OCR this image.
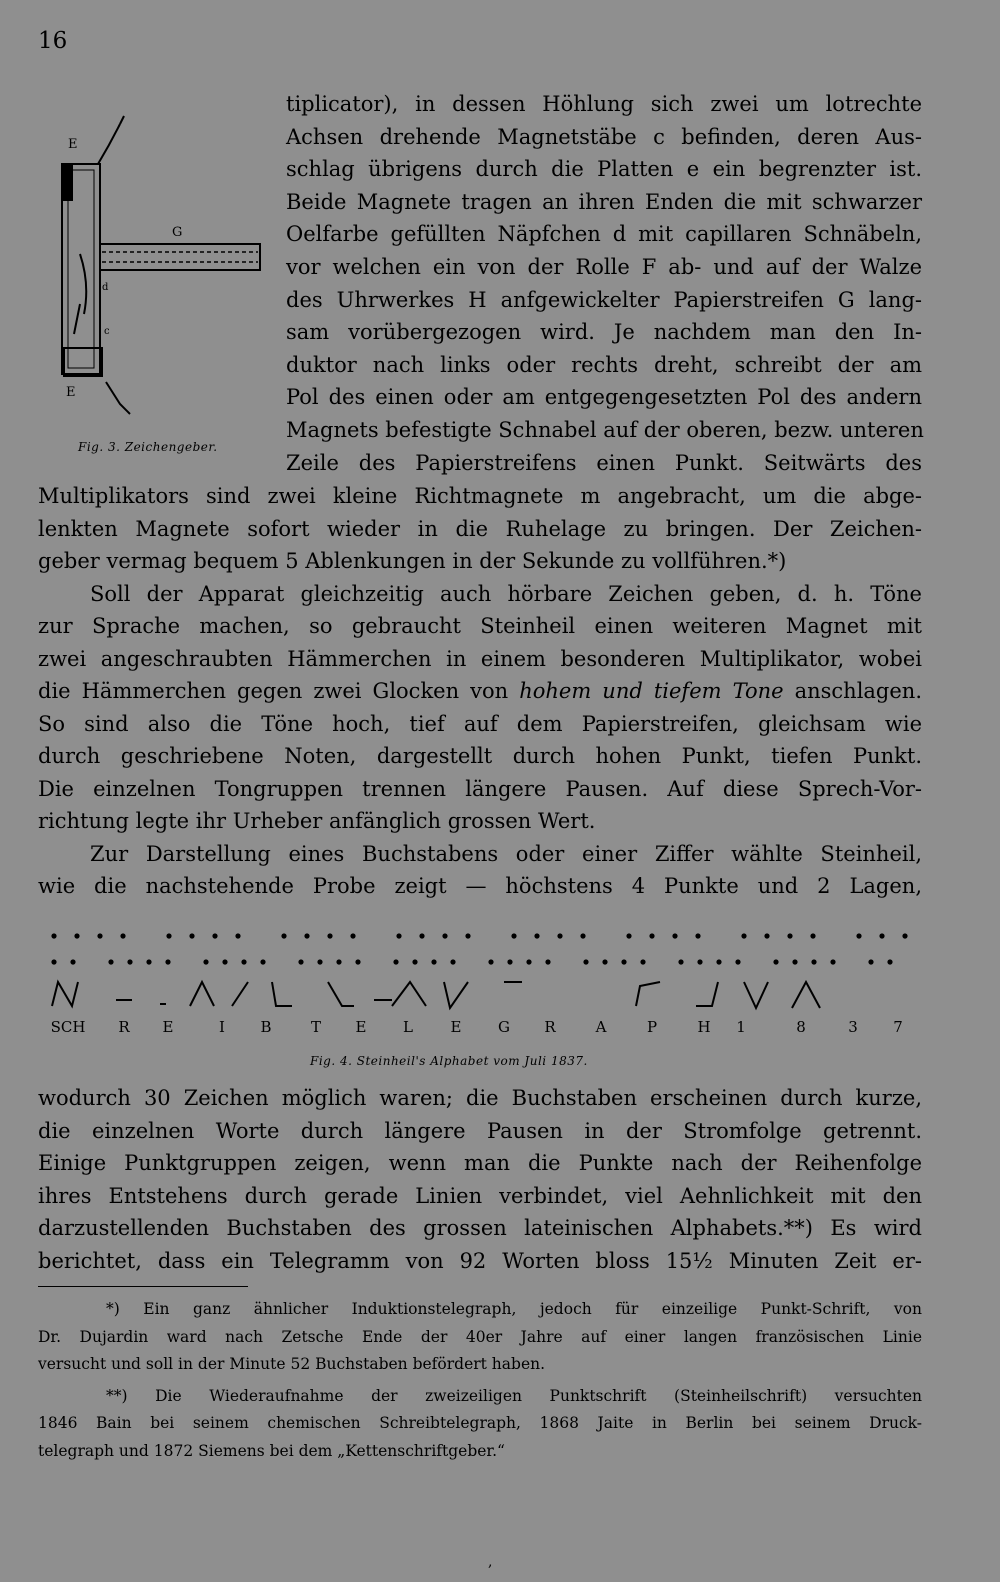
16
E
G
E
c
d
Fig. 3. Zeichengeber.
tiplicator), in dessen Höhlung sich zwei um lotrechte
Achsen drehende Magnetstäbe c befinden, deren Aus-
schlag übrigens durch die Platten e ein begrenzter ist.
Beide Magnete tragen an ihren Enden die mit schwarzer
Oelfarbe gefüllten Näpfchen d mit capillaren Schnäbeln,
vor welchen ein von der Rolle F ab- und auf der Walze
des Uhrwerkes H anfgewickelter Papierstreifen G lang-
sam vorübergezogen wird. Je nachdem man den In-
duktor nach links oder rechts dreht, schreibt der am
Pol des einen oder am entgegengesetzten Pol des andern
Magnets befestigte Schnabel auf der oberen, bezw. unteren
Zeile des Papierstreifens einen Punkt. Seitwärts des
Multiplikators sind zwei kleine Richtmagnete m angebracht, um die abge-
lenkten Magnete sofort wieder in die Ruhelage zu bringen. Der Zeichen-
geber vermag bequem 5 Ablenkungen in der Sekunde zu vollführen.*)
Soll der Apparat gleichzeitig auch hörbare Zeichen geben, d. h. Töne
zur Sprache machen, so gebraucht Steinheil einen weiteren Magnet mit
zwei angeschraubten Hämmerchen in einem besonderen Multiplikator, wobei
die Hämmerchen gegen zwei Glocken von hohem und tiefem Tone anschlagen.
So sind also die Töne hoch, tief auf dem Papierstreifen, gleichsam wie
durch geschriebene Noten, dargestellt durch hohen Punkt, tiefen Punkt.
Die einzelnen Tongruppen trennen längere Pausen. Auf diese Sprech-Vor-
richtung legte ihr Urheber anfänglich grossen Wert.
Zur Darstellung eines Buchstabens oder einer Ziffer wählte Steinheil,
wie die nachstehende Probe zeigt — höchstens 4 Punkte und 2 Lagen,
SCH R E	I B	T E L	E G R	A	P	H 1	8	3 7
Fig. 4. Steinheil's Alphabet vom Juli 1837.
wodurch 30 Zeichen möglich waren; die Buchstaben erscheinen durch kurze,
die einzelnen Worte durch längere Pausen in der Stromfolge getrennt.
Einige Punktgruppen zeigen, wenn man die Punkte nach der Reihenfolge
ihres Entstehens durch gerade Linien verbindet, viel Aehnlichkeit mit den
darzustellenden Buchstaben des grossen lateinischen Alphabets.**) Es wird
berichtet, dass ein Telegramm von 92 Worten bloss 15½ Minuten Zeit er-
*) Ein ganz ähnlicher Induktionstelegraph, jedoch für einzeilige Punkt-Schrift, von
Dr. Dujardin ward nach Zetsche Ende der 40er Jahre auf einer langen französischen Linie
versucht und soll in der Minute 52 Buchstaben befördert haben.
**) Die Wiederaufnahme der zweizeiligen Punktschrift (Steinheilschrift) versuchten
1846 Bain bei seinem chemischen Schreibtelegraph, 1868 Jaite in Berlin bei seinem Druck-
telegraph und 1872 Siemens bei dem „Kettenschriftgeber.“
,
